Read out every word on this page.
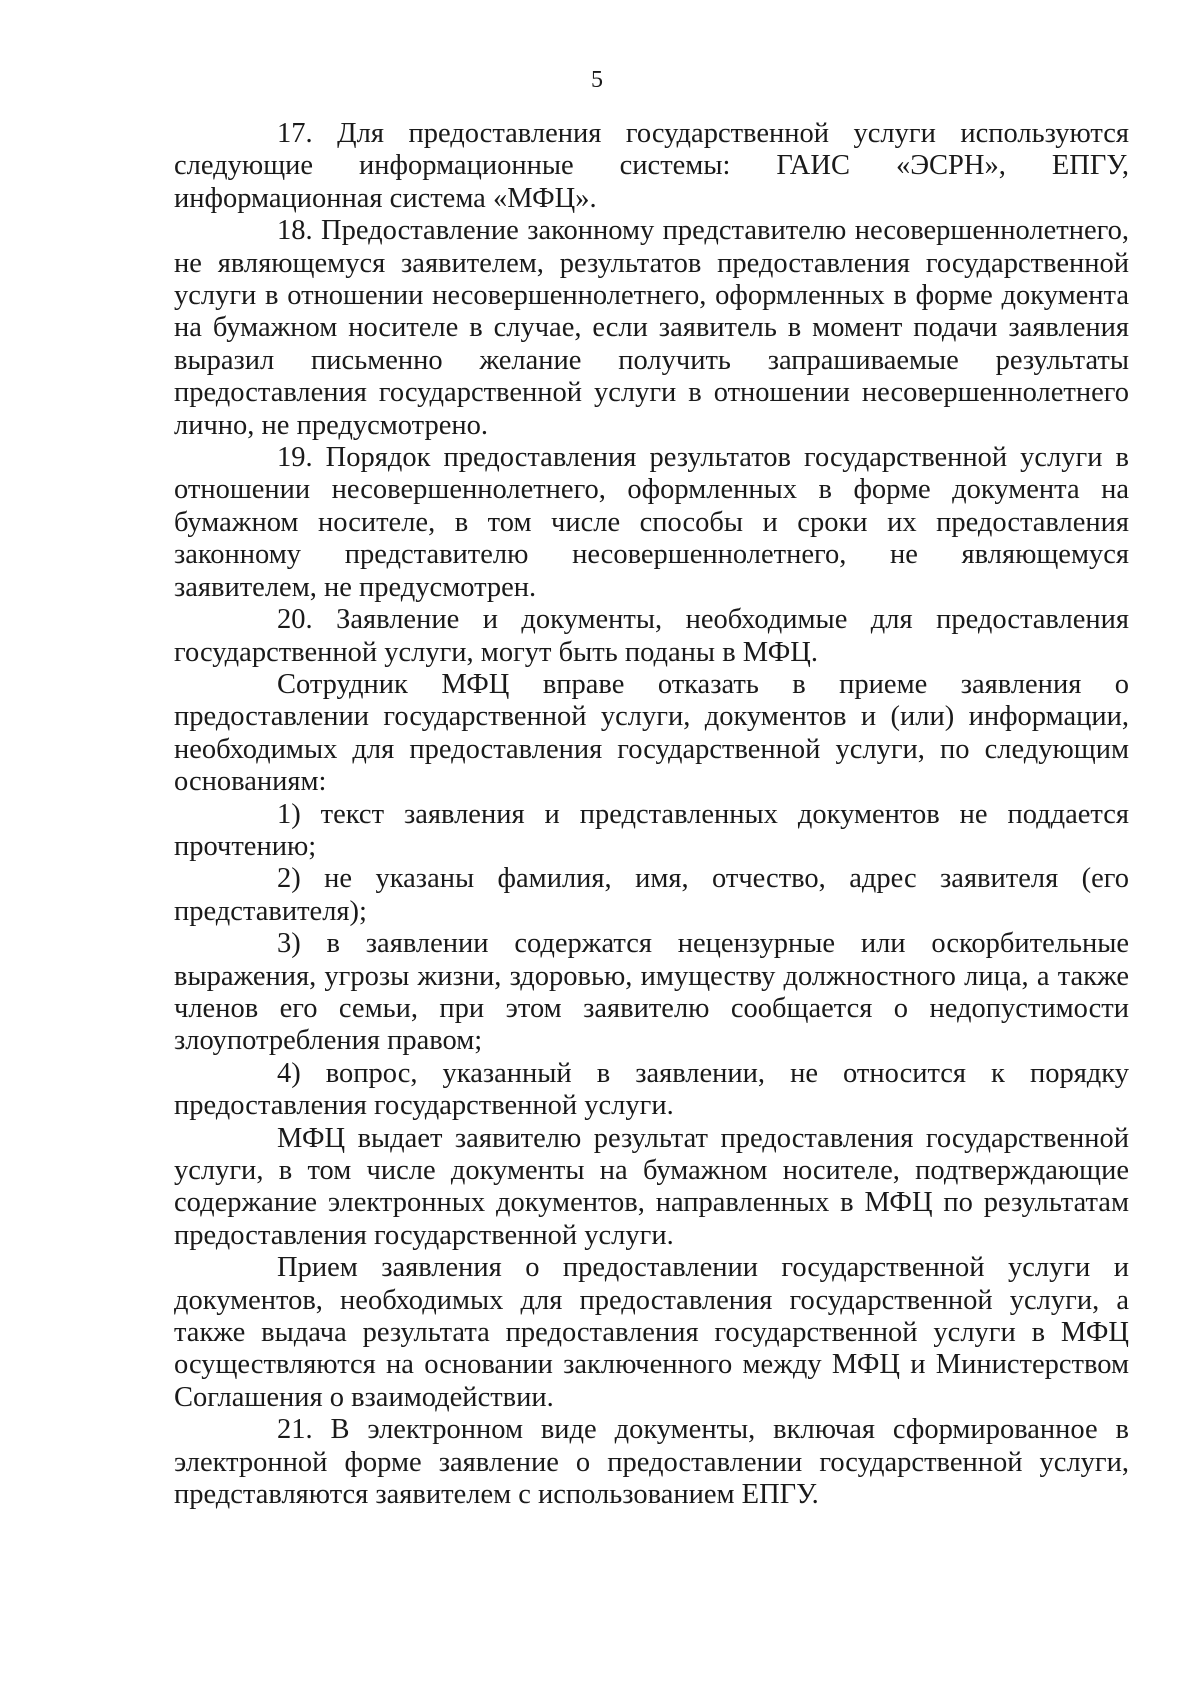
5

17. Для предоставления государственной услуги используются следующие информационные системы: ГАИС «ЭСРН», ЕПГУ, информационная система «МФЦ».

18. Предоставление законному представителю несовершеннолетнего, не являющемуся заявителем, результатов предоставления государственной услуги в отношении несовершеннолетнего, оформленных в форме документа на бумажном носителе в случае, если заявитель в момент подачи заявления выразил письменно желание получить запрашиваемые результаты предоставления государственной услуги в отношении несовершеннолетнего лично, не предусмотрено.

19. Порядок предоставления результатов государственной услуги в отношении несовершеннолетнего, оформленных в форме документа на бумажном носителе, в том числе способы и сроки их предоставления законному представителю несовершеннолетнего, не являющемуся заявителем, не предусмотрен.

20. Заявление и документы, необходимые для предоставления государственной услуги, могут быть поданы в МФЦ.

Сотрудник МФЦ вправе отказать в приеме заявления о предоставлении государственной услуги, документов и (или) информации, необходимых для предоставления государственной услуги, по следующим основаниям:

1) текст заявления и представленных документов не поддается прочтению;

2) не указаны фамилия, имя, отчество, адрес заявителя (его представителя);

3) в заявлении содержатся нецензурные или оскорбительные выражения, угрозы жизни, здоровью, имуществу должностного лица, а также членов его семьи, при этом заявителю сообщается о недопустимости злоупотребления правом;

4) вопрос, указанный в заявлении, не относится к порядку предоставления государственной услуги.

МФЦ выдает заявителю результат предоставления государственной услуги, в том числе документы на бумажном носителе, подтверждающие содержание электронных документов, направленных в МФЦ по результатам предоставления государственной услуги.

Прием заявления о предоставлении государственной услуги и документов, необходимых для предоставления государственной услуги, а также выдача результата предоставления государственной услуги в МФЦ осуществляются на основании заключенного между МФЦ и Министерством Соглашения о взаимодействии.

21. В электронном виде документы, включая сформированное в электронной форме заявление о предоставлении государственной услуги, представляются заявителем с использованием ЕПГУ.
